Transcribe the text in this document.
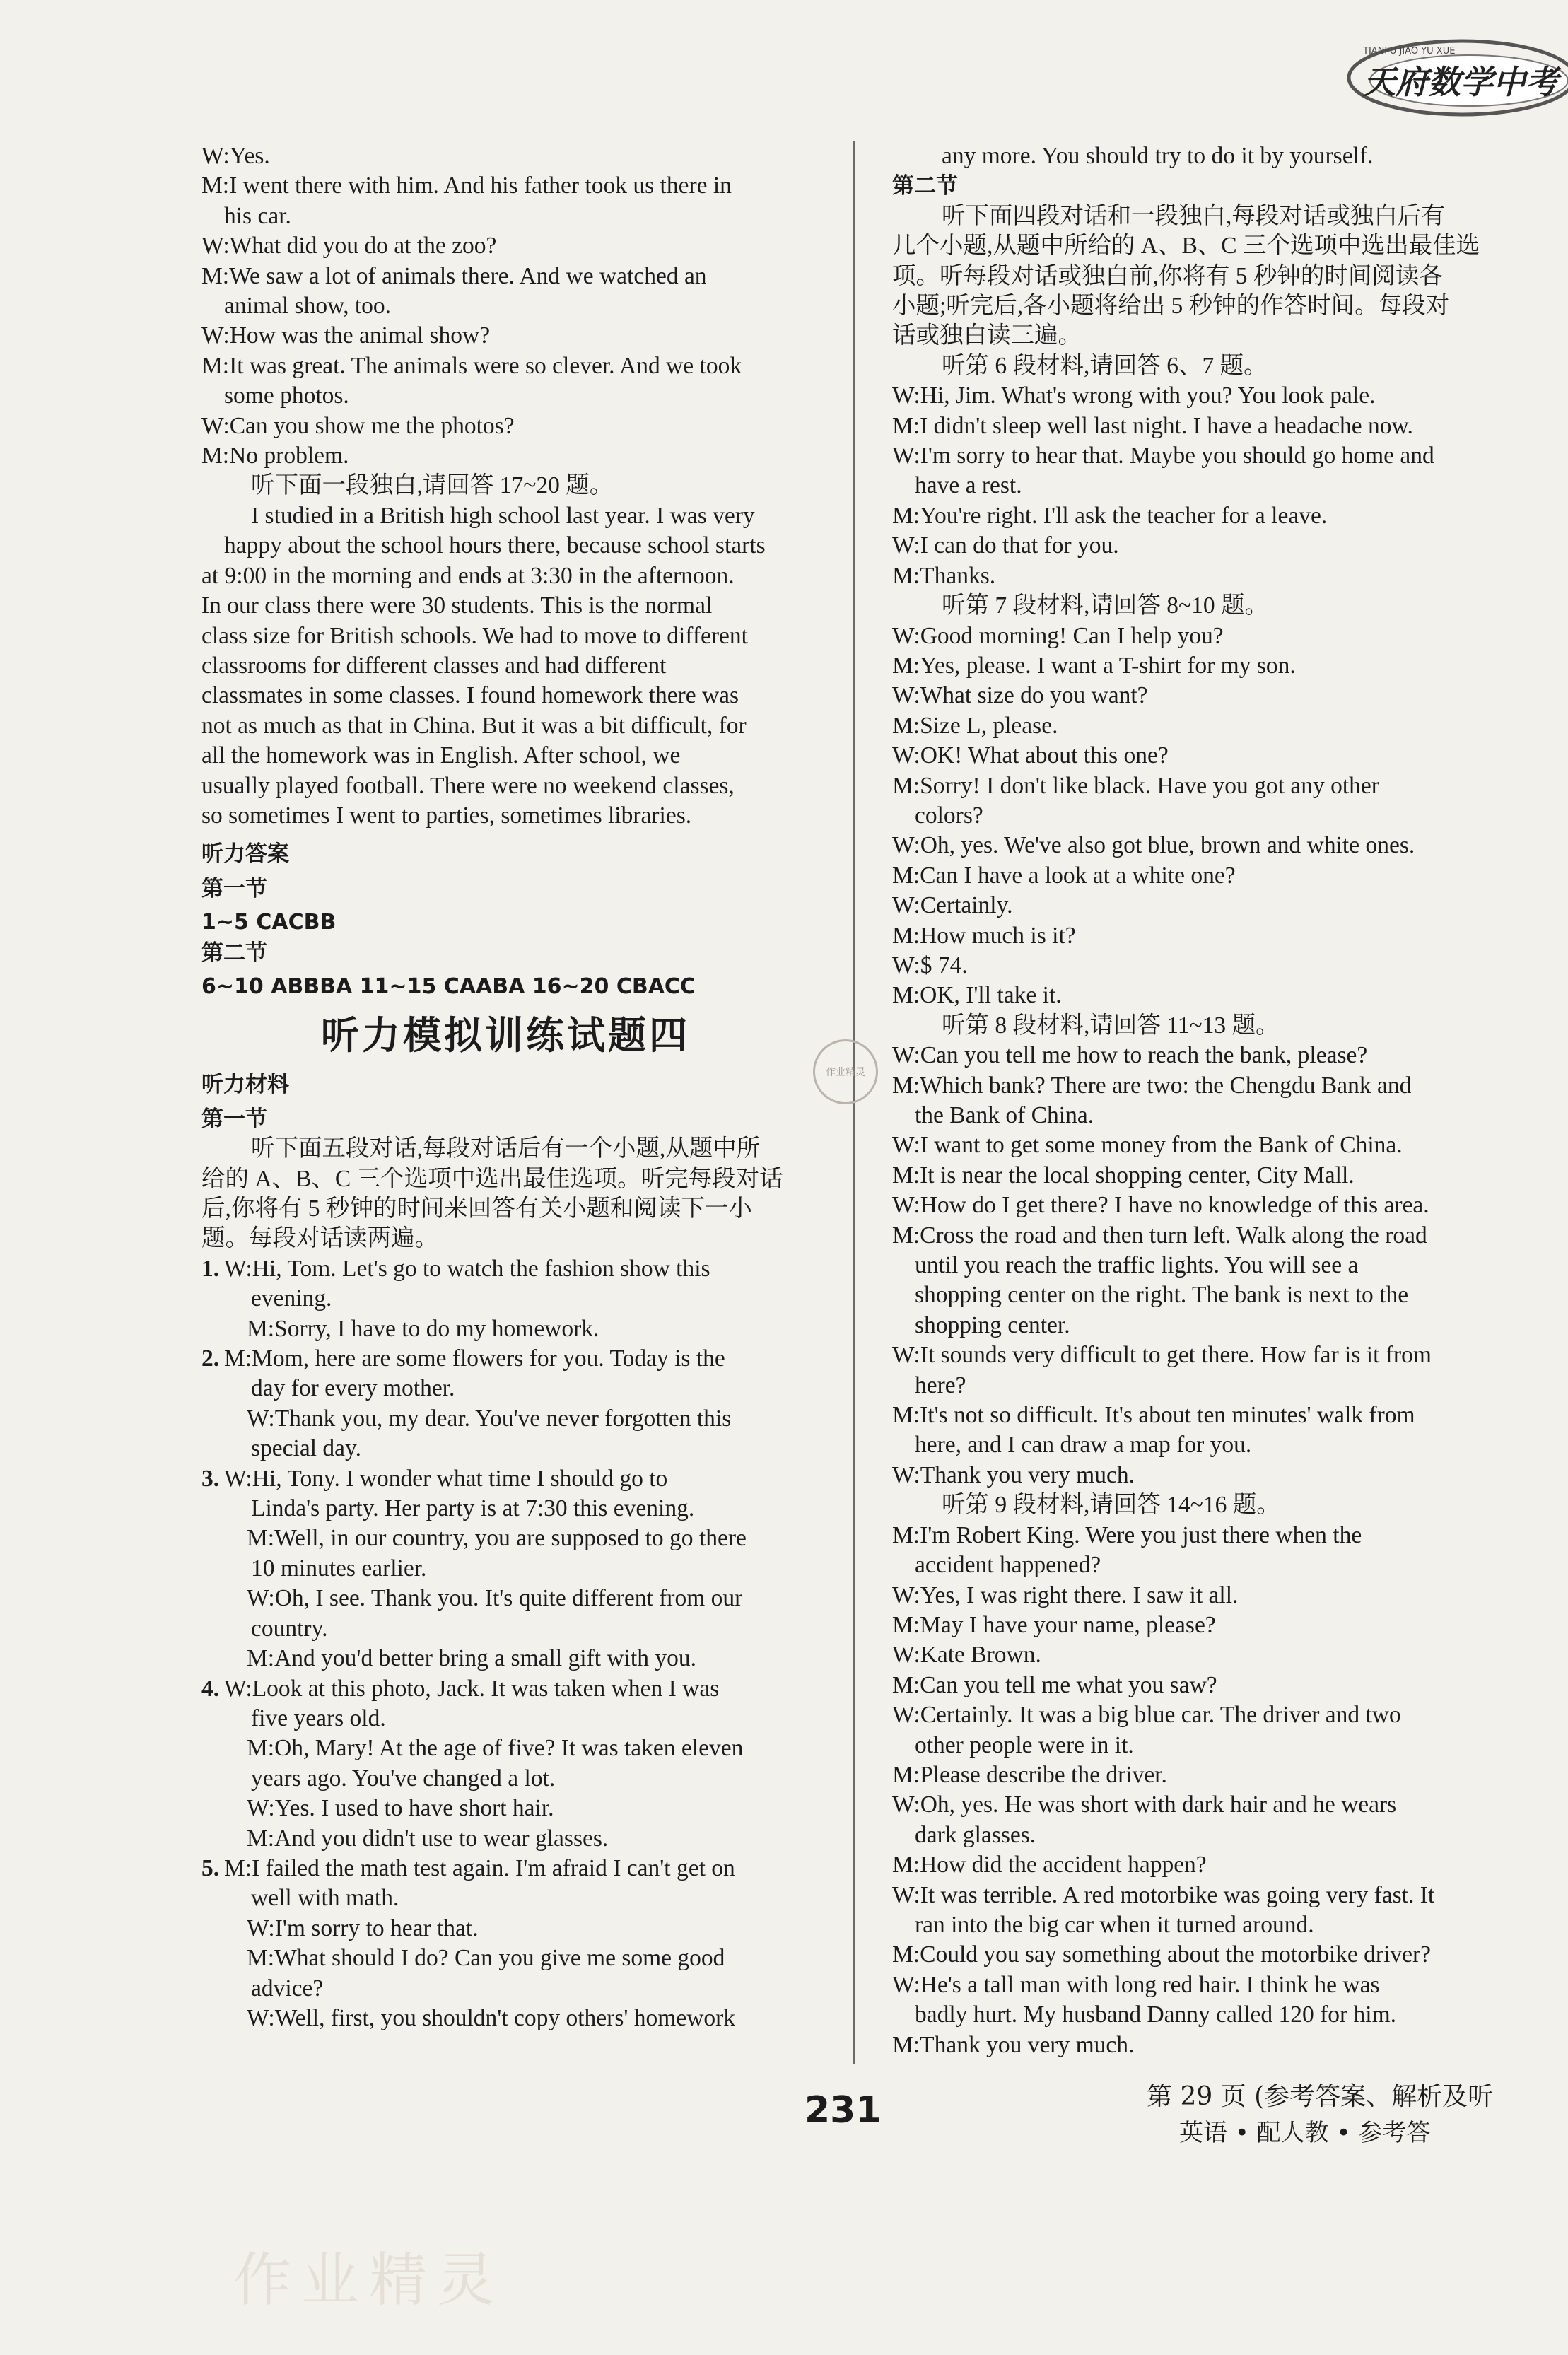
TIANFU JIAO YU XUE
天府数学中考
W: Yes.
M: I went there with him. And his father took us there in
his car.
W: What did you do at the zoo?
M: We saw a lot of animals there. And we watched an
animal show, too.
W: How was the animal show?
M: It was great. The animals were so clever. And we took
some photos.
W: Can you show me the photos?
M: No problem.
听下面一段独白,请回答 17~20 题。
I studied in a British high school last year. I was very
happy about the school hours there, because school starts
at 9:00 in the morning and ends at 3:30 in the afternoon.
In our class there were 30 students. This is the normal
class size for British schools. We had to move to different
classrooms for different classes and had different
classmates in some classes. I found homework there was
not as much as that in China. But it was a bit difficult, for
all the homework was in English. After school, we
usually played football. There were no weekend classes,
so sometimes I went to parties, sometimes libraries.
听力答案
第一节
1~5 CACBB
第二节
6~10 ABBBA 11~15 CAABA 16~20 CBACC
听力模拟训练试题四
听力材料
第一节
听下面五段对话,每段对话后有一个小题,从题中所
给的 A、B、C 三个选项中选出最佳选项。听完每段对话
后,你将有 5 秒钟的时间来回答有关小题和阅读下一小
题。每段对话读两遍。
1. W: Hi, Tom. Let's go to watch the fashion show this
evening.
M: Sorry, I have to do my homework.
2. M: Mom, here are some flowers for you. Today is the
day for every mother.
W: Thank you, my dear. You've never forgotten this
special day.
3. W: Hi, Tony. I wonder what time I should go to
Linda's party. Her party is at 7:30 this evening.
M: Well, in our country, you are supposed to go there
10 minutes earlier.
W: Oh, I see. Thank you. It's quite different from our
country.
M: And you'd better bring a small gift with you.
4. W: Look at this photo, Jack. It was taken when I was
five years old.
M: Oh, Mary! At the age of five? It was taken eleven
years ago. You've changed a lot.
W: Yes. I used to have short hair.
M: And you didn't use to wear glasses.
5. M: I failed the math test again. I'm afraid I can't get on
well with math.
W: I'm sorry to hear that.
M: What should I do? Can you give me some good
advice?
W: Well, first, you shouldn't copy others' homework
any more. You should try to do it by yourself.
第二节
听下面四段对话和一段独白,每段对话或独白后有
几个小题,从题中所给的 A、B、C 三个选项中选出最佳选
项。听每段对话或独白前,你将有 5 秒钟的时间阅读各
小题;听完后,各小题将给出 5 秒钟的作答时间。每段对
话或独白读三遍。
听第 6 段材料,请回答 6、7 题。
W: Hi, Jim. What's wrong with you? You look pale.
M: I didn't sleep well last night. I have a headache now.
W: I'm sorry to hear that. Maybe you should go home and
have a rest.
M: You're right. I'll ask the teacher for a leave.
W: I can do that for you.
M: Thanks.
听第 7 段材料,请回答 8~10 题。
W: Good morning! Can I help you?
M: Yes, please. I want a T-shirt for my son.
W: What size do you want?
M: Size L, please.
W: OK! What about this one?
M: Sorry! I don't like black. Have you got any other
colors?
W: Oh, yes. We've also got blue, brown and white ones.
M: Can I have a look at a white one?
W: Certainly.
M: How much is it?
W: $ 74.
M: OK, I'll take it.
听第 8 段材料,请回答 11~13 题。
W: Can you tell me how to reach the bank, please?
M: Which bank? There are two: the Chengdu Bank and
the Bank of China.
W: I want to get some money from the Bank of China.
M: It is near the local shopping center, City Mall.
W: How do I get there? I have no knowledge of this area.
M: Cross the road and then turn left. Walk along the road
until you reach the traffic lights. You will see a
shopping center on the right. The bank is next to the
shopping center.
W: It sounds very difficult to get there. How far is it from
here?
M: It's not so difficult. It's about ten minutes' walk from
here, and I can draw a map for you.
W: Thank you very much.
听第 9 段材料,请回答 14~16 题。
M: I'm Robert King. Were you just there when the
accident happened?
W: Yes, I was right there. I saw it all.
M: May I have your name, please?
W: Kate Brown.
M: Can you tell me what you saw?
W: Certainly. It was a big blue car. The driver and two
other people were in it.
M: Please describe the driver.
W: Oh, yes. He was short with dark hair and he wears
dark glasses.
M: How did the accident happen?
W: It was terrible. A red motorbike was going very fast. It
ran into the big car when it turned around.
M: Could you say something about the motorbike driver?
W: He's a tall man with long red hair. I think he was
badly hurt. My husband Danny called 120 for him.
M: Thank you very much.
作业精灵
231	第 29 页 (参考答案、解析及听
英语 • 配人教 • 参考答
作业精灵
